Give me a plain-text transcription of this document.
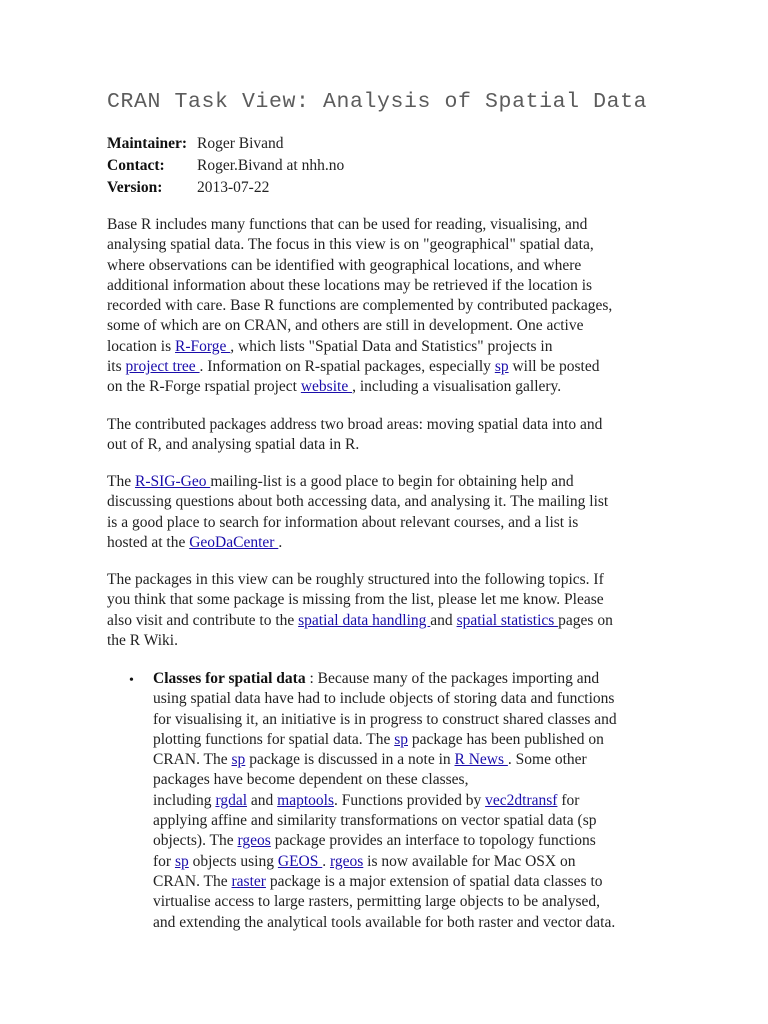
CRAN Task View: Analysis of Spatial Data
Maintainer: Roger Bivand
Contact:	Roger.Bivand at nhh.no
Version:	2013-07-22

Base R includes many functions that can be used for reading, visualising, and
analysing spatial data. The focus in this view is on "geographical" spatial data,
where observations can be identified with geographical locations, and where
additional information about these locations may be retrieved if the location is
recorded with care. Base R functions are complemented by contributed packages,
some of which are on CRAN, and others are still in development. One active
location is R-Forge , which lists "Spatial Data and Statistics" projects in
its project tree . Information on R-spatial packages, especially sp will be posted
on the R-Forge rspatial project website , including a visualisation gallery.

The contributed packages address two broad areas: moving spatial data into and
out of R, and analysing spatial data in R.

The R-SIG-Geo mailing-list is a good place to begin for obtaining help and
discussing questions about both accessing data, and analysing it. The mailing list
is a good place to search for information about relevant courses, and a list is
hosted at the GeoDaCenter .

The packages in this view can be roughly structured into the following topics. If
you think that some package is missing from the list, please let me know. Please
also visit and contribute to the spatial data handling and spatial statistics pages on
the R Wiki.

• Classes for spatial data : Because many of the packages importing and
using spatial data have had to include objects of storing data and functions
for visualising it, an initiative is in progress to construct shared classes and
plotting functions for spatial data. The sp package has been published on
CRAN. The sp package is discussed in a note in R News . Some other
packages have become dependent on these classes,
including rgdal and maptools. Functions provided by vec2dtransf for
applying affine and similarity transformations on vector spatial data (sp
objects). The rgeos package provides an interface to topology functions
for sp objects using GEOS . rgeos is now available for Mac OSX on
CRAN. The raster package is a major extension of spatial data classes to
virtualise access to large rasters, permitting large objects to be analysed,
and extending the analytical tools available for both raster and vector data.
